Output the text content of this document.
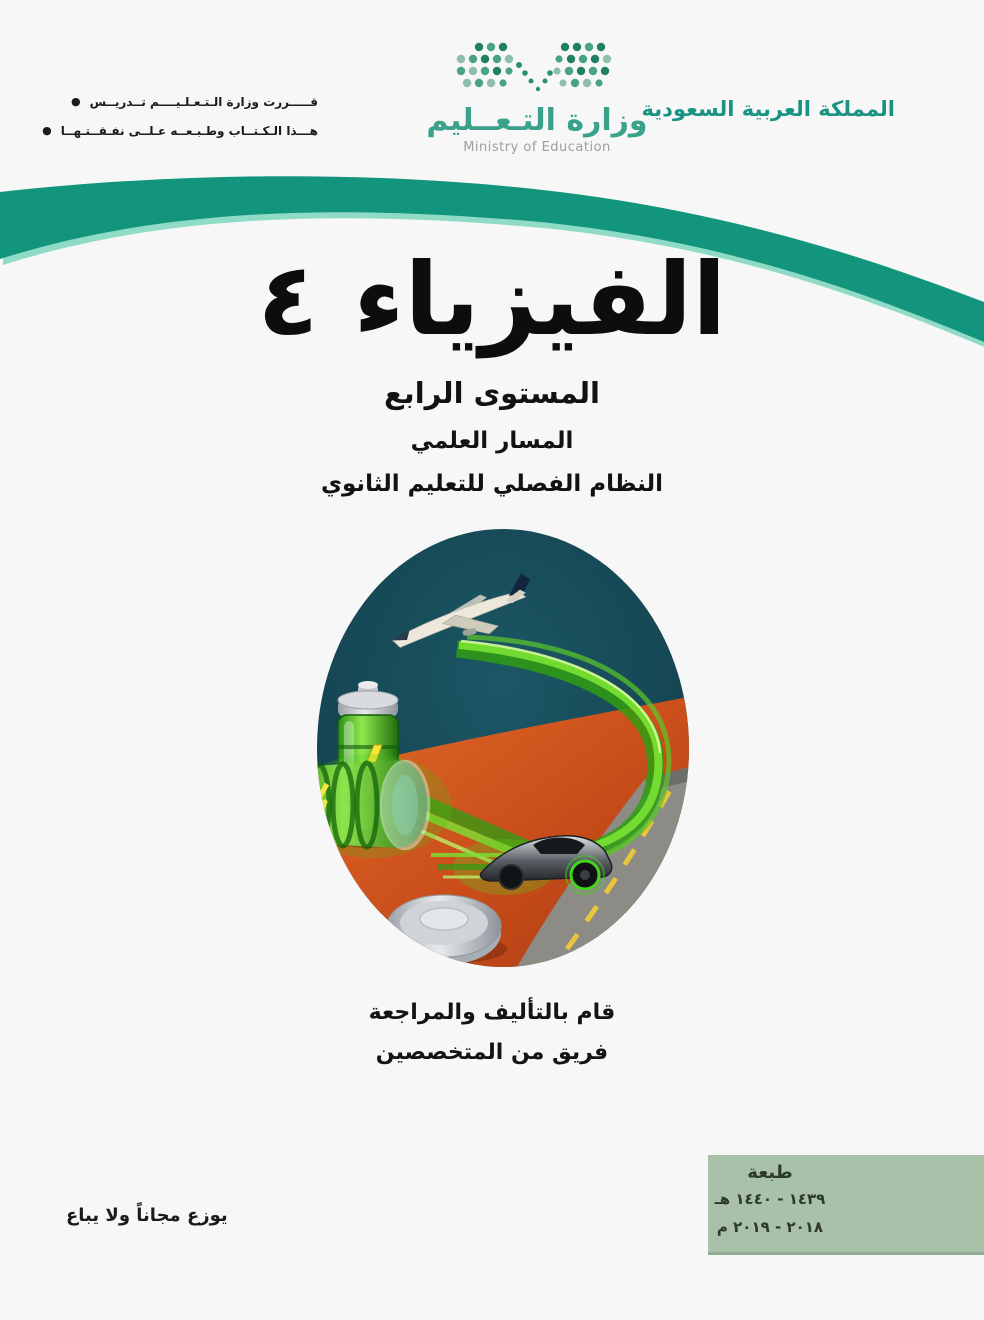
قـــــررت وزارة الـتـعـلـيــــم تــدريــس●
هـــذا الـكـتــاب وطـبـعــه عـلــى نفـقــتـهــا●	وزارة التـعــليم
Ministry of Education
المملكة العربية السعودية
الفيزياء ٤
المستوى الرابع
المسار العلمي
النظام الفصلي للتعليم الثانوي
قام بالتأليف والمراجعة
فريق من المتخصصين
طبعة
١٤٣٩ - ١٤٤٠ هـ
٢٠١٨ - ٢٠١٩ م
يوزع مجاناً ولا يباع
